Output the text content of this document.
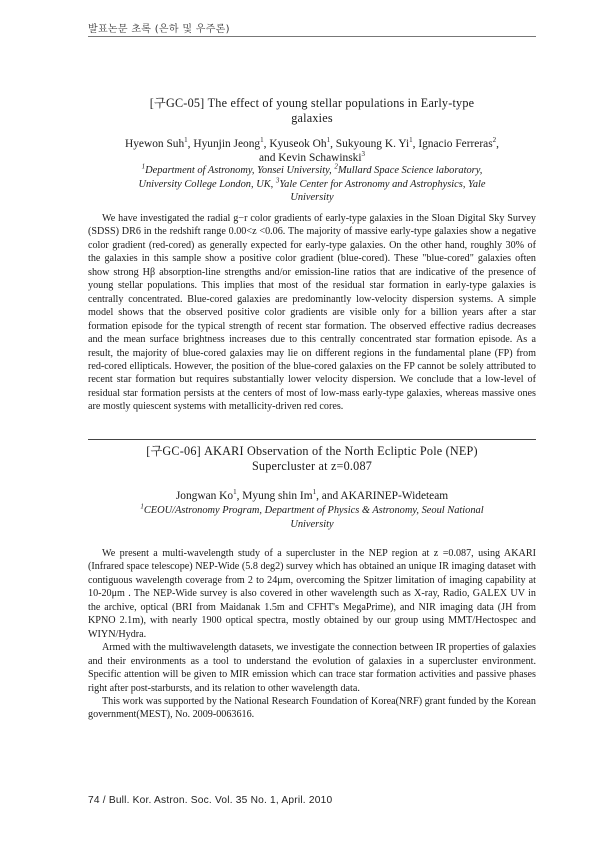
발표논문 초록 (은하 및 우주론)
[구GC-05] The effect of young stellar populations in Early-type
galaxies
Hyewon Suh$^1$, Hyunjin Jeong$^1$, Kyuseok Oh$^1$, Sukyoung K. Yi$^1$, Ignacio Ferreras$^2$,
and Kevin Schawinski$^3$
$^1$Department of Astronomy, Yonsei University, $^2$Mullard Space Science laboratory,
University College London, UK, $^3$Yale Center for Astronomy and Astrophysics, Yale
University

We have investigated the radial g−r color gradients of early-type galaxies in the Sloan Digital Sky Survey (SDSS) DR6 in the redshift range 0.00<z <0.06. The majority of massive early-type galaxies show a negative color gradient (red-cored) as generally expected for early-type galaxies. On the other hand, roughly 30% of the galaxies in this sample show a positive color gradient (blue-cored). These "blue-cored" galaxies often show strong Hβ absorption-line strengths and/or emission-line ratios that are indicative of the presence of young stellar populations. This implies that most of the residual star formation in early-type galaxies is centrally concentrated. Blue-cored galaxies are predominantly low-velocity dispersion systems. A simple model shows that the observed positive color gradients are visible only for a billion years after a star formation episode for the typical strength of recent star formation. The observed effective radius decreases and the mean surface brightness increases due to this centrally concentrated star formation episode. As a result, the majority of blue-cored galaxies may lie on different regions in the fundamental plane (FP) from red-cored ellipticals. However, the position of the blue-cored galaxies on the FP cannot be solely attributed to recent star formation but requires substantially lower velocity dispersion. We conclude that a low-level of residual star formation persists at the centers of most of low-mass early-type galaxies, whereas massive ones are mostly quiescent systems with metallicity-driven red cores.

[구GC-06] AKARI Observation of the North Ecliptic Pole (NEP)
Supercluster at z=0.087
Jongwan Ko$^1$, Myung shin Im$^1$, and AKARINEP-Wideteam
$^1$CEOU/Astronomy Program, Department of Physics & Astronomy, Seoul National
University

We present a multi-wavelength study of a supercluster in the NEP region at z =0.087, using AKARI (Infrared space telescope) NEP-Wide (5.8 deg2) survey which has obtained an unique IR imaging dataset with contiguous wavelength coverage from 2 to 24μm, overcoming the Spitzer limitation of imaging capability at 10-20μm . The NEP-Wide survey is also covered in other wavelength such as X-ray, Radio, GALEX UV in the archive, optical (BRI from Maidanak 1.5m and CFHT's MegaPrime), and NIR imaging data (JH from KPNO 2.1m), with nearly 1900 optical spectra, mostly obtained by our group using MMT/Hectospec and WIYN/Hydra.

Armed with the multiwavelength datasets, we investigate the connection between IR properties of galaxies and their environments as a tool to understand the evolution of galaxies in a supercluster environment. Specific attention will be given to MIR emission which can trace star formation activities and passive phases right after post-starbursts, and its relation to other wavelength data.

This work was supported by the National Research Foundation of Korea(NRF) grant funded by the Korean government(MEST), No. 2009-0063616.

74 / Bull. Kor. Astron. Soc. Vol. 35 No. 1, April. 2010
